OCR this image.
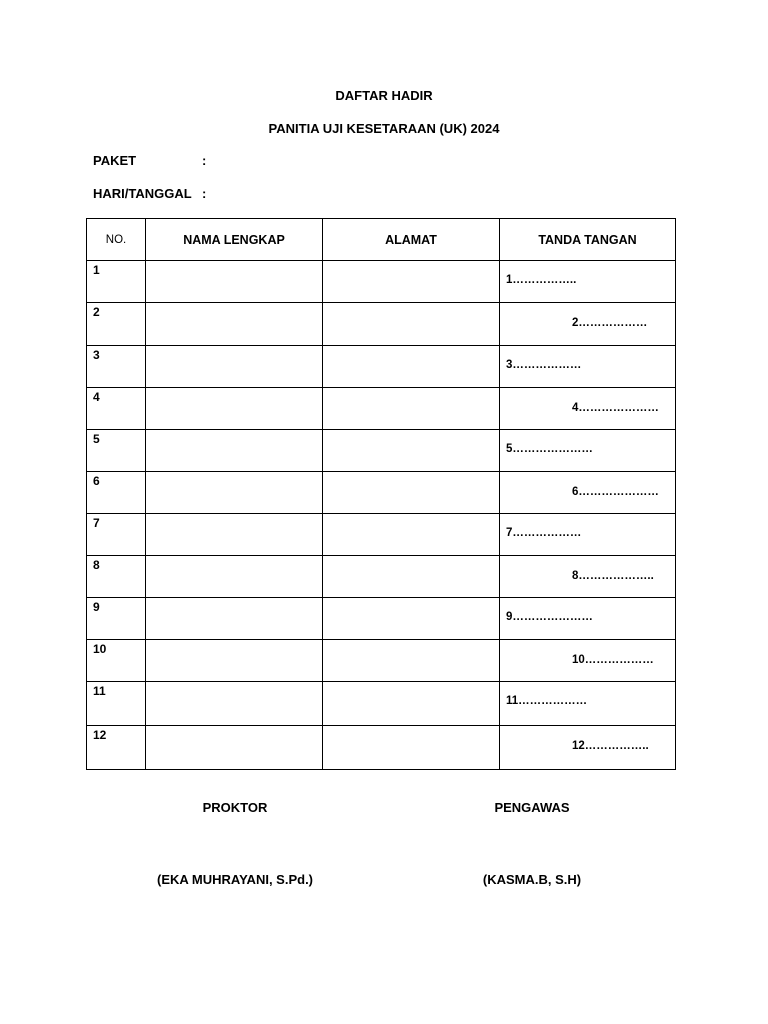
DAFTAR HADIR
PANITIA UJI KESETARAAN (UK) 2024
PAKET	:
HARI/TANGGAL :
NO.	NAMA LENGKAP	ALAMAT	TANDA TANGAN
1			1……………..

2			2………………

3			3………………

4			4…………………

5			5…………………

6			6…………………

7			7………………

8			8………………..

9			9…………………

10			10………………

11			11………………

12			12……………..
PROKTOR	PENGAWAS
(EKA MUHRAYANI, S.Pd.)	(KASMA.B, S.H)
